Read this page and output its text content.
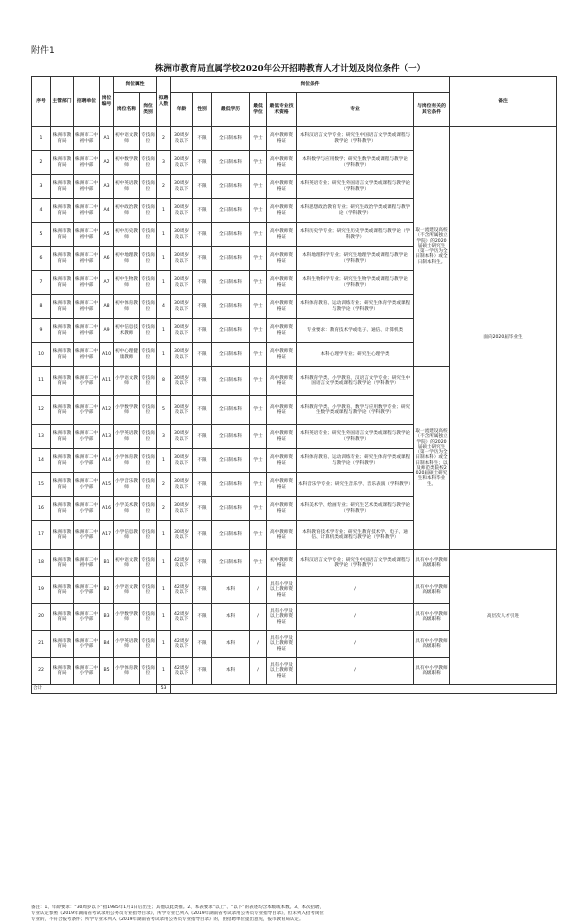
附件1
株洲市教育局直属学校2020年公开招聘教育人才计划及岗位条件（一）
序号	主管部门	招聘单位	岗位编号	岗位属性		拟聘人数	岗位条件							备注
				岗位名称	岗位类别		年龄	性别	最低学历	最低学位	最低专业技术资格	专业	与岗位有关的其它条件	
1	株洲市教育局	株洲市二中初中部	A1	初中语文教师	专技岗位	2	30周岁及以下	不限	全日制本科	学士	高中教师资格证	本科汉语言文学专业；研究生中国语言文学类或课程与教学论（学科教学）	取一流建设高校（不含所属独立学院）的2020届硕士研究生（第一学历为全日制本科）或全日制本科生。	面向2020届毕业生
2	株洲市教育局	株洲市二中初中部	A2	初中数学教师	专技岗位	3	30周岁及以下	不限	全日制本科	学士	高中教师资格证	本科数学与应用数学；研究生数学类或课程与教学论（学科教学）		
3	株洲市教育局	株洲市二中初中部	A3	初中英语教师	专技岗位	2	30周岁及以下	不限	全日制本科	学士	高中教师资格证	本科英语专业；研究生外国语言文学类或课程与教学论（学科教学）		
4	株洲市教育局	株洲市二中初中部	A4	初中政治教师	专技岗位	1	30周岁及以下	不限	全日制本科	学士	高中教师资格证	本科思想政治教育专业；研究生政治学类或课程与教学论（学科教学）		
5	株洲市教育局	株洲市二中初中部	A5	初中历史教师	专技岗位	1	30周岁及以下	不限	全日制本科	学士	高中教师资格证	本科历史学专业；研究生历史学类或课程与教学论（学科教学）		
6	株洲市教育局	株洲市二中初中部	A6	初中地理教师	专技岗位	1	30周岁及以下	不限	全日制本科	学士	高中教师资格证	本科地理科学专业；研究生地理学类或课程与教学论（学科教学）		
7	株洲市教育局	株洲市二中初中部	A7	初中生物教师	专技岗位	1	30周岁及以下	不限	全日制本科	学士	高中教师资格证	本科生物科学专业；研究生生物学类或课程与教学论（学科教学）		
8	株洲市教育局	株洲市二中初中部	A8	初中体育教师	专技岗位	4	30周岁及以下	不限	全日制本科	学士	高中教师资格证	本科体育教育、运动训练专业；研究生体育学类或课程与教学论（学科教学）		
9	株洲市教育局	株洲市二中初中部	A9	初中信息技术教师	专技岗位	1	30周岁及以下	不限	全日制本科	学士	高中教师资格证	专业要求：教育技术学或电子、通信、计算机类		
10	株洲市教育局	株洲市二中初中部	A10	初中心理健康教师	专技岗位	1	30周岁及以下	不限	全日制本科	学士	高中教师资格证	本科心理学专业；研究生心理学类		
11	株洲市教育局	株洲市二中小学部	A11	小学语文教师	专技岗位	8	30周岁及以下	不限	全日制本科	学士	高中教师资格证	本科教育学类、小学教育、汉语言文学专业；研究生中国语言文学类或课程与教学论（学科教学）	取一流建设高校（不含所属独立学院）的2020届硕士研究生（第一学历为全日制本科）或全日制本科生；以及师范类院校2020届硕士研究生和本科毕业生。	
12	株洲市教育局	株洲市二中小学部	A12	小学数学教师	专技岗位	5	30周岁及以下	不限	全日制本科	学士	高中教师资格证	本科教育学类、小学教育、数学与应用数学专业；研究生数学类或课程与教学论（学科教学）		
13	株洲市教育局	株洲市二中小学部	A13	小学英语教师	专技岗位	3	30周岁及以下	不限	全日制本科	学士	高中教师资格证	本科英语专业；研究生外国语言文学类或课程与教学论（学科教学）		
14	株洲市教育局	株洲市二中小学部	A14	小学体育教师	专技岗位	1	30周岁及以下	不限	全日制本科	学士	高中教师资格证	本科体育教育、运动训练专业；研究生体育学类或课程与教学论（学科教学）		
15	株洲市教育局	株洲市二中小学部	A15	小学音乐教师	专技岗位	2	30周岁及以下	不限	全日制本科	学士	高中教师资格证	本科音乐学专业；研究生音乐学、音乐表演（学科教学）		
16	株洲市教育局	株洲市二中小学部	A16	小学美术教师	专技岗位	2	30周岁及以下	不限	全日制本科	学士	高中教师资格证	本科美术学、绘画专业；研究生艺术类或课程与教学论（学科教学）		
17	株洲市教育局	株洲市二中小学部	A17	小学信息教师	专技岗位	1	30周岁及以下	不限	全日制本科	学士	高中教师资格证	本科教育技术学专业；研究生教育技术学、电子、通信、计算机类或课程与教学论（学科教学）		
18	株洲市教育局	株洲市二中初中部	B1	初中语文教师	专技岗位	1	42周岁及以下	不限	全日制本科	学士	初中教师资格证	本科汉语言文学专业；研究生中国语言文学类或课程与教学论（学科教学）	具有中小学教师高级职称	高层次人才引进
19	株洲市教育局	株洲市二中小学部	B2	小学语文教师	专技岗位	1	42周岁及以下	不限	本科	/	具有小学及以上教师资格证	/	具有中小学教师高级职称	
20	株洲市教育局	株洲市二中小学部	B3	小学数学教师	专技岗位	1	42周岁及以下	不限	本科	/	具有小学及以上教师资格证	/	具有中小学教师高级职称	
21	株洲市教育局	株洲市二中小学部	B4	小学英语教师	专技岗位	1	42周岁及以下	不限	本科	/	具有小学及以上教师资格证	/	具有中小学教师高级职称	
22	株洲市教育局	株洲市二中小学部	B5	小学体育教师	专技岗位	1	42周岁及以下	不限	本科	/	具有小学及以上教师资格证	/	具有中小学教师高级职称	
合计						53								
备注：1、年龄要求：“30周岁以下”指1985年1月1日后出生；其他以此类推。2、本表要求“以上”、“以下”的表述均含本级或本数。3、本次招聘，
专业认定参照《2019年湖南省考试录用公务员专业指导目录》，所学专业已列入《2019年湖南省考试录用公务员专业指导目录》，但未列入招考岗位
专业的，不符合报考条件；所学专业未列入《2019年湖南省考试录用公务员专业指导目录》的，由招聘单位提出意见，报市教育局认定。
